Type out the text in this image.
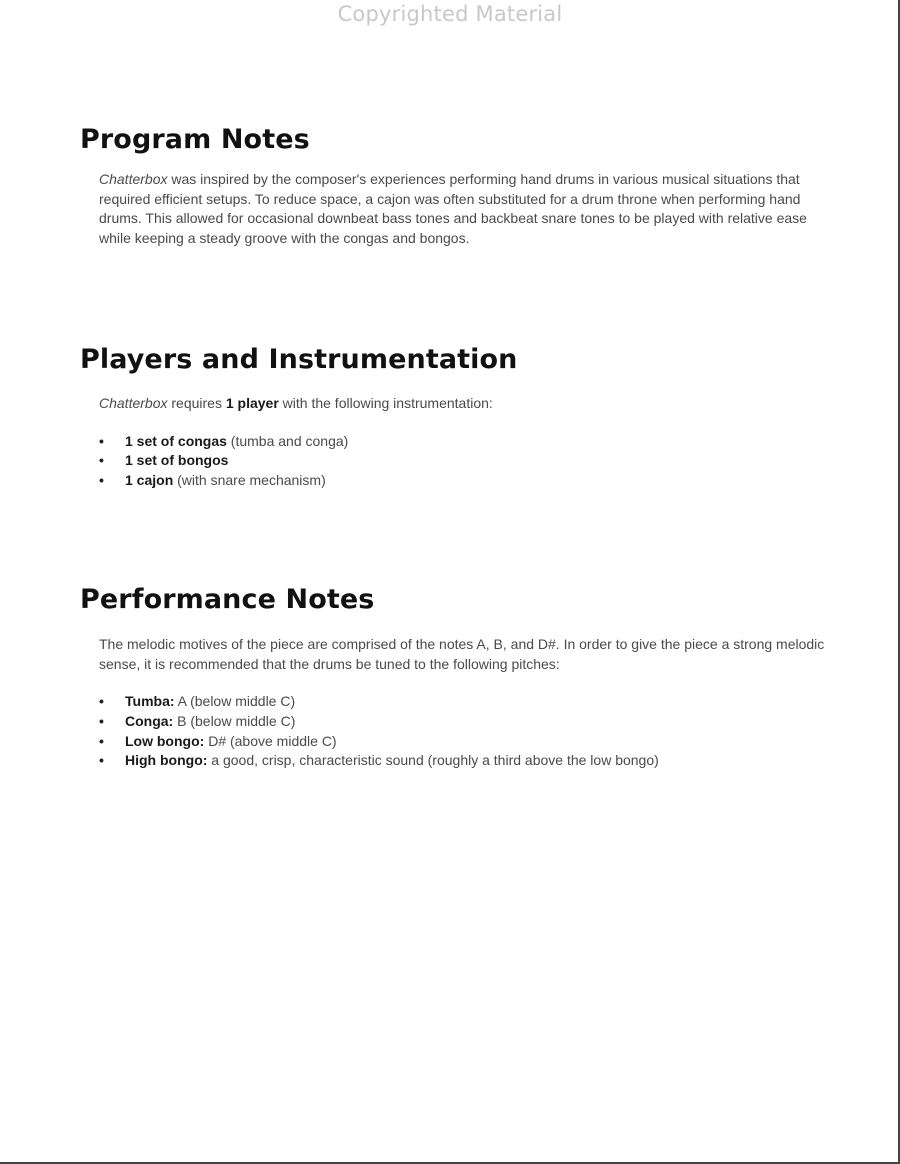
Copyrighted Material
Program Notes

Chatterbox was inspired by the composer's experiences performing hand drums in various musical situations that required efficient setups. To reduce space, a cajon was often substituted for a drum throne when performing hand drums. This allowed for occasional downbeat bass tones and backbeat snare tones to be played with relative ease while keeping a steady groove with the congas and bongos.

Players and Instrumentation

Chatterbox requires 1 player with the following instrumentation:

• 1 set of congas (tumba and conga)
• 1 set of bongos
• 1 cajon (with snare mechanism)
Performance Notes

The melodic motives of the piece are comprised of the notes A, B, and D#. In order to give the piece a strong melodic sense, it is recommended that the drums be tuned to the following pitches:

• Tumba: A (below middle C)
• Conga: B (below middle C)
• Low bongo: D# (above middle C)
• High bongo: a good, crisp, characteristic sound (roughly a third above the low bongo)
